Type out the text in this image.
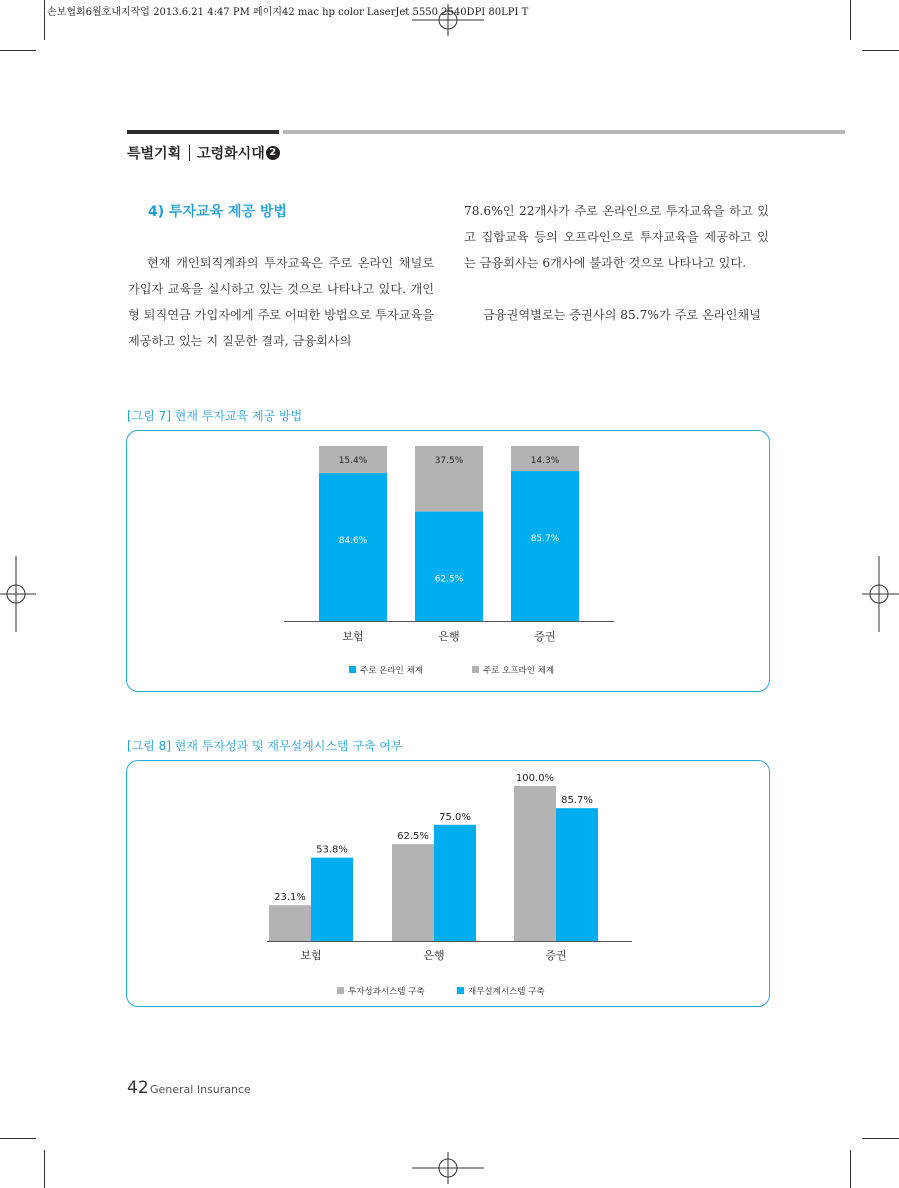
손보협회6월호내지작업 2013.6.21 4:47 PM 페이지42 mac hp color LaserJet 5550 2540DPI 80LPI T
특별기획 고령화시대 2
4) 투자교육 제공 방법

현재 개인퇴직계좌의 투자교육은 주로 온라인 채널로 가입자 교육을 실시하고 있는 것으로 나타나고 있다. 개인형 퇴직연금 가입자에게 주로 어떠한 방법으로 투자교육을 제공하고 있는 지 질문한 결과, 금융회사의

78.6%인 22개사가 주로 온라인으로 투자교육을 하고 있고 집합교육 등의 오프라인으로 투자교육을 제공하고 있는 금융회사는 6개사에 불과한 것으로 나타나고 있다.

금융권역별로는 증권사의 85.7%가 주로 온라인채널

[그림 7] 현재 투자교육 제공 방법
15.4%
84.6%
보험
37.5%
62.5%
은행
14.3%
85.7%
증권
주로 온라인 체계	주로 오프라인 체계
[그림 8] 현재 투자성과 및 재무설계시스템 구축 여부
23.1%
53.8%
보험
62.5%
75.0%
은행
100.0%
85.7%
증권
투자성과시스템 구축	재무설계시스템 구축
42 General Insurance
